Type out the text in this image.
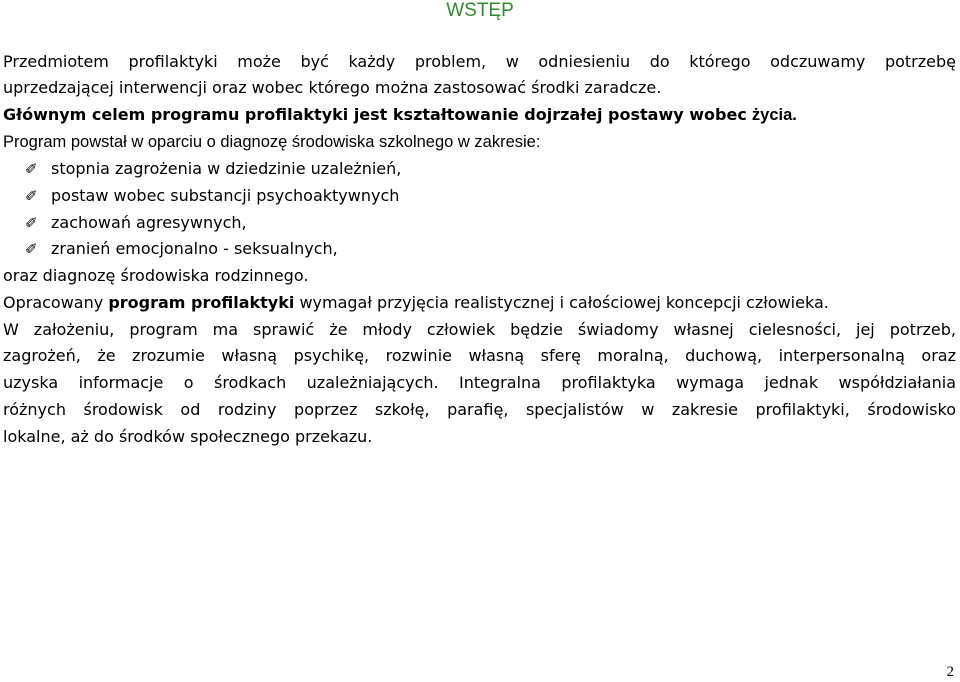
WSTĘP
Przedmiotem profilaktyki może być każdy problem, w odniesieniu do którego odczuwamy potrzebę
uprzedzającej interwencji oraz wobec którego można zastosować środki zaradcze.
Głównym celem programu profilaktyki jest kształtowanie dojrzałej postawy wobec życia.
Program powstał w oparciu o diagnozę środowiska szkolnego w zakresie:
✐ stopnia zagrożenia w dziedzinie uzależnień,
✐ postaw wobec substancji psychoaktywnych
✐ zachowań agresywnych,
✐ zranień emocjonalno - seksualnych,
oraz diagnozę środowiska rodzinnego.
Opracowany program profilaktyki wymagał przyjęcia realistycznej i całościowej koncepcji człowieka.
W założeniu, program ma sprawić że młody człowiek będzie świadomy własnej cielesności, jej potrzeb,
zagrożeń, że zrozumie własną psychikę, rozwinie własną sferę moralną, duchową, interpersonalną oraz
uzyska informacje o środkach uzależniających. Integralna profilaktyka wymaga jednak współdziałania
różnych środowisk od rodziny poprzez szkołę, parafię, specjalistów w zakresie profilaktyki, środowisko
lokalne, aż do środków społecznego przekazu.
2
